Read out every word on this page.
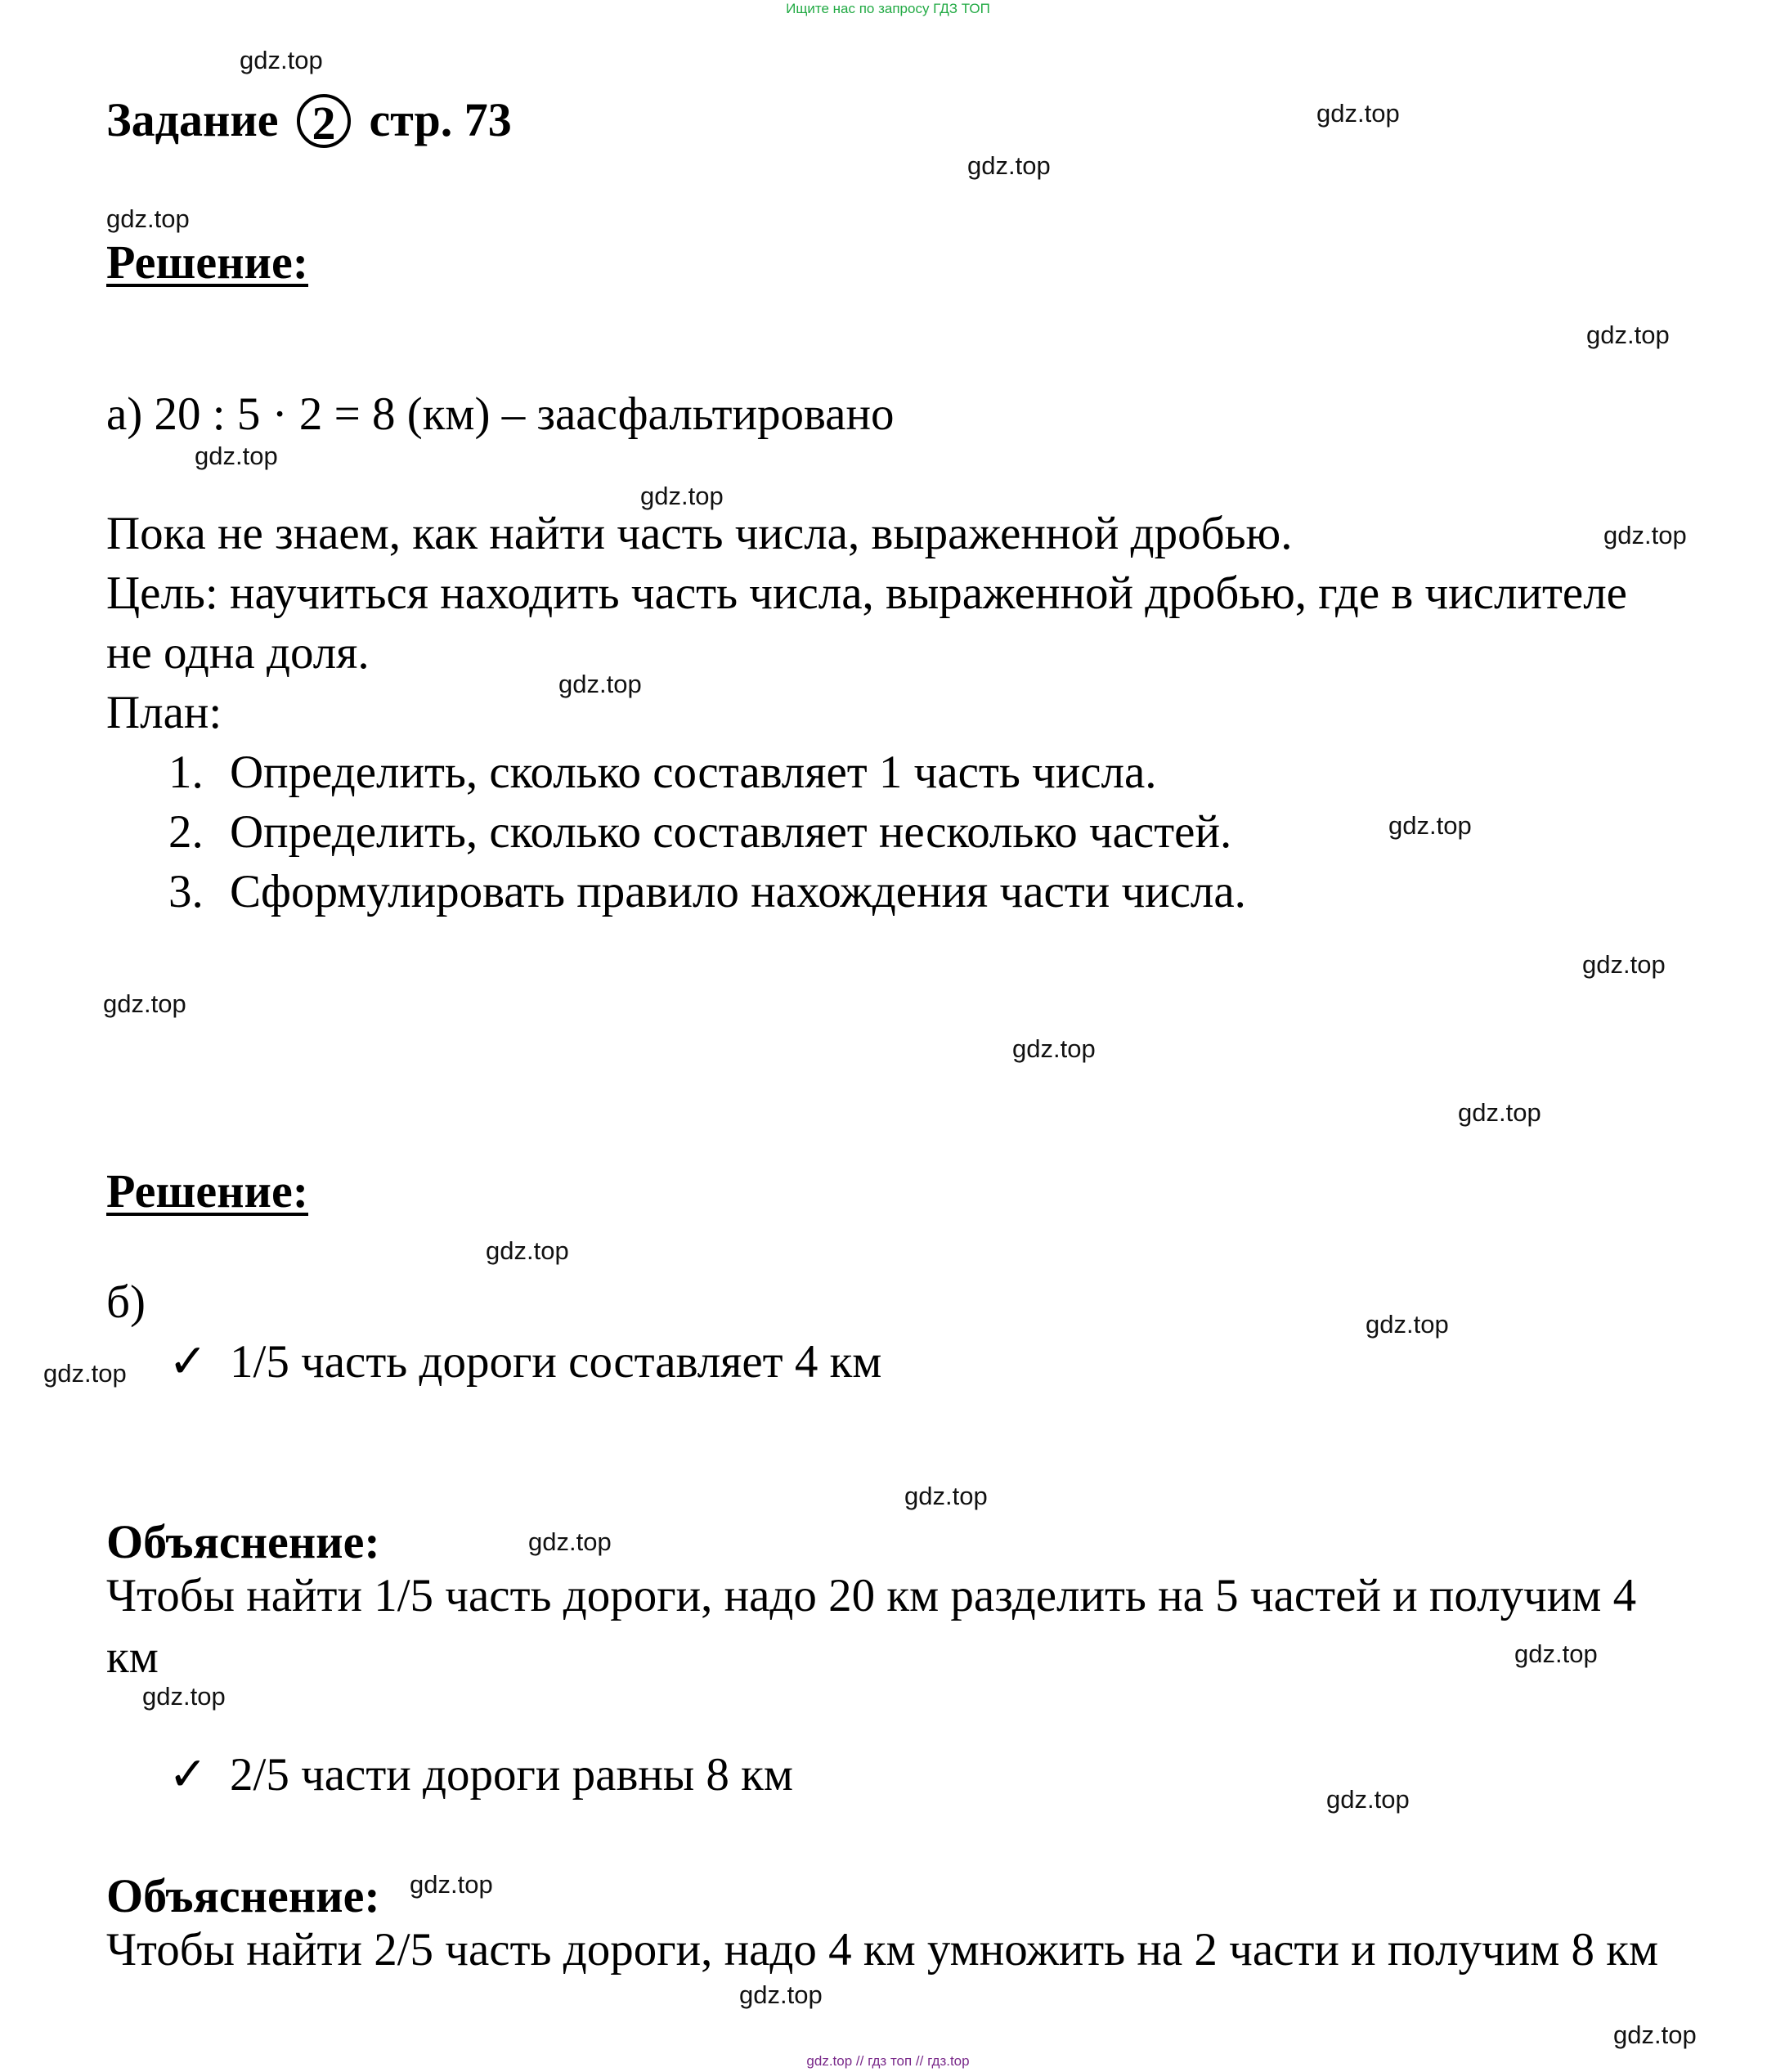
Ищите нас по запросу ГДЗ ТОП
Задание 2 стр. 73
Решение:
а) 20 : 5 · 2 = 8 (км) – заасфальтировано
Пока не знаем, как найти часть числа, выраженной дробью.
Цель: научиться находить часть числа, выраженной дробью, где в числителе
не одна доля.
План:
1. Определить, сколько составляет 1 часть числа.
2. Определить, сколько составляет несколько частей.
3. Сформулировать правило нахождения части числа.
Решение:
б)
✓ 1/5 часть дороги составляет 4 км
Объяснение:
Чтобы найти 1/5 часть дороги, надо 20 км разделить на 5 частей и получим 4
км
✓ 2/5 части дороги равны 8 км
Объяснение:
Чтобы найти 2/5 часть дороги, надо 4 км умножить на 2 части и получим 8 км
gdz.top
gdz.top
gdz.top
gdz.top
gdz.top
gdz.top
gdz.top
gdz.top
gdz.top
gdz.top
gdz.top
gdz.top
gdz.top
gdz.top
gdz.top
gdz.top
gdz.top
gdz.top
gdz.top
gdz.top
gdz.top
gdz.top
gdz.top
gdz.top
gdz.top
gdz.top // гдз топ // гдз.top
